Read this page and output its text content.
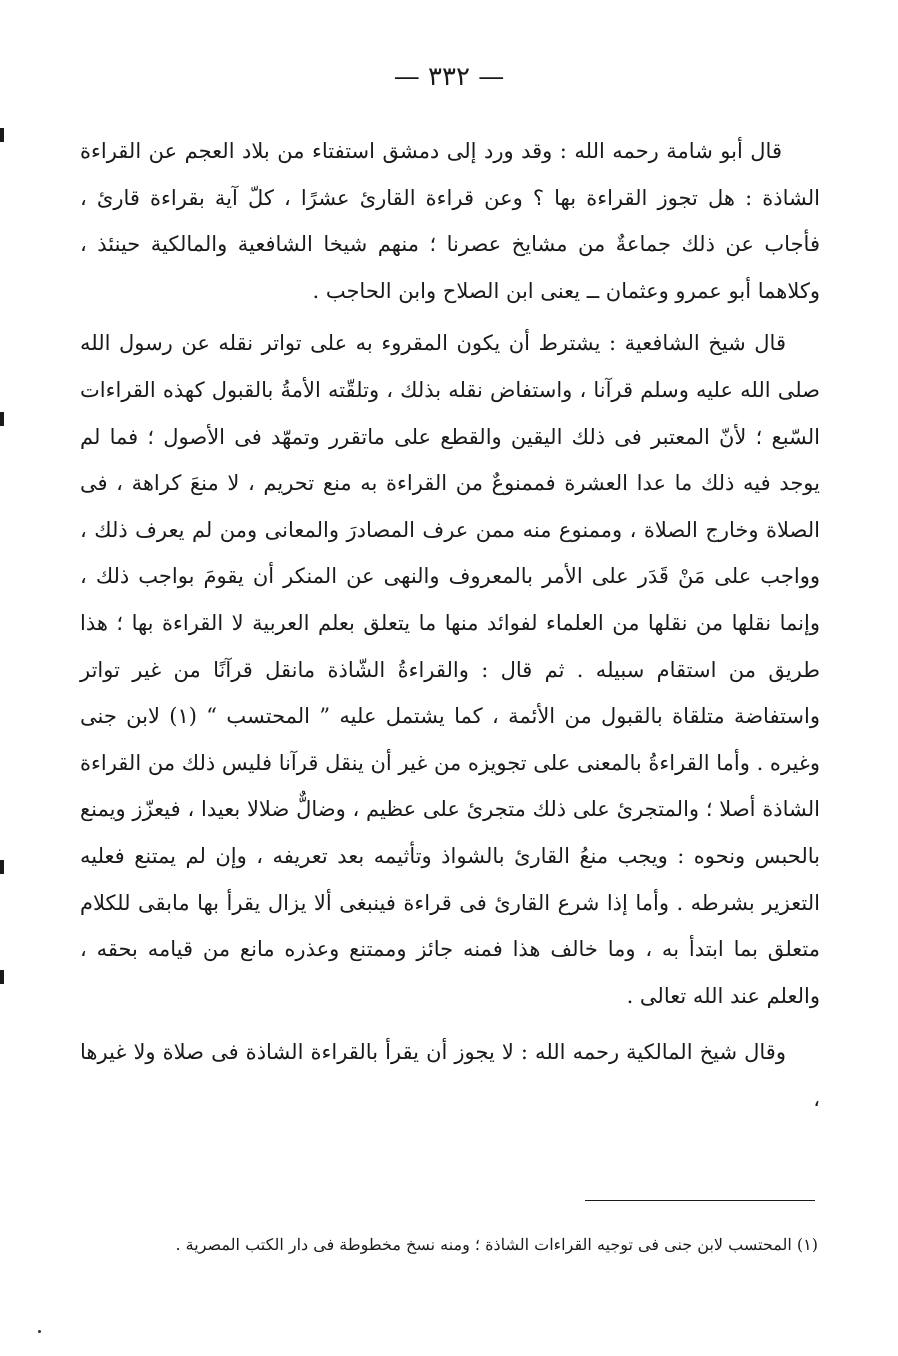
— ٣٣٢ —

قال أبو شامة رحمه الله : وقد ورد إلى دمشق استفتاء من بلاد العجم عن القراءة الشاذة : هل تجوز القراءة بها ؟ وعن قراءة القارئ عشرًا ، كلّ آية بقراءة قارئ ، فأجاب عن ذلك جماعةٌ من مشايخ عصرنا ؛ منهم شيخا الشافعية والمالكية حينئذ ، وكلاهما أبو عمرو وعثمان ــ يعنى ابن الصلاح وابن الحاجب .

قال شيخ الشافعية : يشترط أن يكون المقروء به على تواتر نقله عن رسول الله صلى الله عليه وسلم قرآنا ، واستفاض نقله بذلك ، وتلقّته الأمةُ بالقبول كهذه القراءات السّبع ؛ لأنّ المعتبر فى ذلك اليقين والقطع على ماتقرر وتمهّد فى الأصول ؛ فما لم يوجد فيه ذلك ما عدا العشرة فممنوعٌ من القراءة به منع تحريم ، لا منعَ كراهة ، فى الصلاة وخارج الصلاة ، وممنوع منه ممن عرف المصادرَ والمعانى ومن لم يعرف ذلك ، وواجب على مَنْ قَدَر على الأمر بالمعروف والنهى عن المنكر أن يقومَ بواجب ذلك ، وإنما نقلها من نقلها من العلماء لفوائد منها ما يتعلق بعلم العربية لا القراءة بها ؛ هذا طريق من استقام سبيله . ثم قال : والقراءةُ الشّاذة مانقل قرآنًا من غير تواتر واستفاضة متلقاة بالقبول من الأئمة ، كما يشتمل عليه ” المحتسب “ (١) لابن جنى وغيره . وأما القراءةُ بالمعنى على تجويزه من غير أن ينقل قرآنا فليس ذلك من القراءة الشاذة أصلا ؛ والمتجرئ على ذلك متجرئ على عظيم ، وضالٌّ ضلالا بعيدا ، فيعزّز ويمنع بالحبس ونحوه : ويجب منعُ القارئ بالشواذ وتأثيمه بعد تعريفه ، وإن لم يمتنع فعليه التعزير بشرطه . وأما إذا شرع القارئ فى قراءة فينبغى ألا يزال يقرأ بها مابقى للكلام متعلق بما ابتدأ به ، وما خالف هذا فمنه جائز وممتنع وعذره مانع من قيامه بحقه ، والعلم عند الله تعالى .

وقال شيخ المالكية رحمه الله : لا يجوز أن يقرأ بالقراءة الشاذة فى صلاة ولا غيرها ،

(١) المحتسب لابن جنى فى توجيه القراءات الشاذة ؛ ومنه نسخ مخطوطة فى دار الكتب المصرية .
